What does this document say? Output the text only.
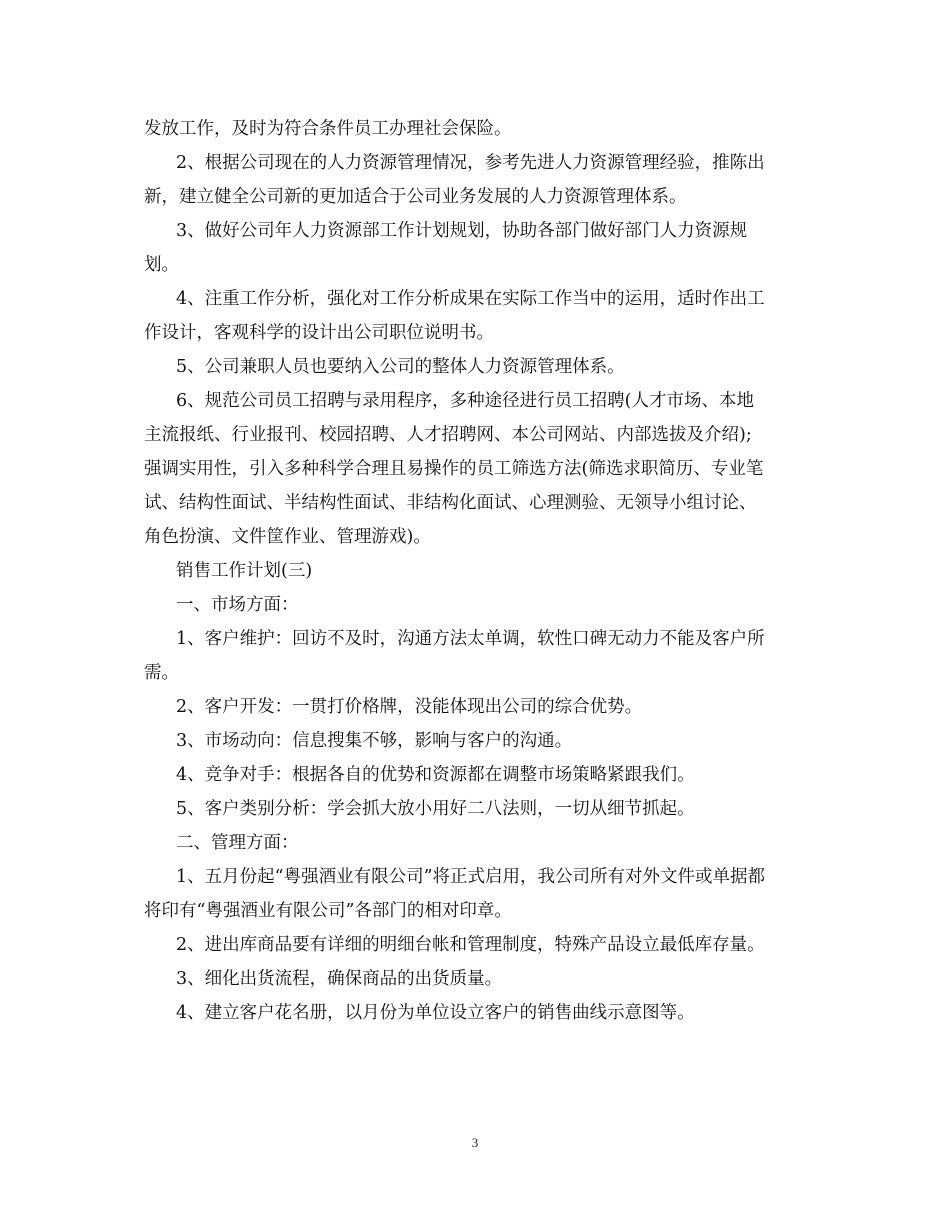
发放工作，及时为符合条件员工办理社会保险。
2、根据公司现在的人力资源管理情况，参考先进人力资源管理经验，推陈出
新，建立健全公司新的更加适合于公司业务发展的人力资源管理体系。
3、做好公司年人力资源部工作计划规划，协助各部门做好部门人力资源规
划。
4、注重工作分析，强化对工作分析成果在实际工作当中的运用，适时作出工
作设计，客观科学的设计出公司职位说明书。
5、公司兼职人员也要纳入公司的整体人力资源管理体系。
6、规范公司员工招聘与录用程序，多种途径进行员工招聘(人才市场、本地
主流报纸、行业报刊、校园招聘、人才招聘网、本公司网站、内部选拔及介绍);
强调实用性，引入多种科学合理且易操作的员工筛选方法(筛选求职简历、专业笔
试、结构性面试、半结构性面试、非结构化面试、心理测验、无领导小组讨论、
角色扮演、文件筐作业、管理游戏)。
销售工作计划(三)
一、市场方面：
1、客户维护：回访不及时，沟通方法太单调，软性口碑无动力不能及客户所
需。
2、客户开发：一贯打价格牌，没能体现出公司的综合优势。
3、市场动向：信息搜集不够，影响与客户的沟通。
4、竞争对手：根据各自的优势和资源都在调整市场策略紧跟我们。
5、客户类别分析：学会抓大放小用好二八法则，一切从细节抓起。
二、管理方面：
1、五月份起“粤强酒业有限公司”将正式启用，我公司所有对外文件或单据都
将印有“粤强酒业有限公司”各部门的相对印章。
2、进出库商品要有详细的明细台帐和管理制度，特殊产品设立最低库存量。
3、细化出货流程，确保商品的出货质量。
4、建立客户花名册，以月份为单位设立客户的销售曲线示意图等。
3
